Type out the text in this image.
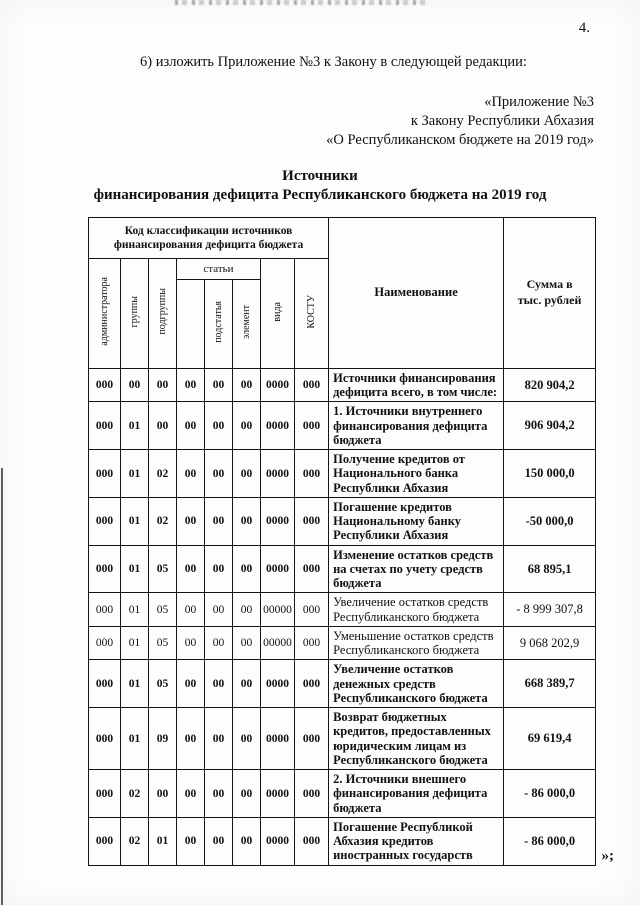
4.

6) изложить Приложение №3 к Закону в следующей редакции:

«Приложение №3
к Закону Республики Абхазия
«О Республиканском бюджете на 2019 год»
Источники
финансирования дефицита Республиканского бюджета на 2019 год
Код классификации источников финансирования дефицита бюджета								Наименование	Сумма в тыс. рублей
администратора	группы	подгруппы	статьи			вида	КОСТУ		
				подстатья	элемент				
000	00	00	00	00	00	0000	000	Источники финансирования дефицита всего, в том числе:	820 904,2
000	01	00	00	00	00	0000	000	1. Источники внутреннего финансирования дефицита бюджета	906 904,2
000	01	02	00	00	00	0000	000	Получение кредитов от Национального банка Республики Абхазия	150 000,0
000	01	02	00	00	00	0000	000	Погашение кредитов Национальному банку Республики Абхазия	-50 000,0
000	01	05	00	00	00	0000	000	Изменение остатков средств на счетах по учету средств бюджета	68 895,1
000	01	05	00	00	00	00000	000	Увеличение остатков средств Республиканского бюджета	- 8 999 307,8
000	01	05	00	00	00	00000	000	Уменьшение остатков средств Республиканского бюджета	9 068 202,9
000	01	05	00	00	00	0000	000	Увеличение остатков денежных средств Республиканского бюджета	668 389,7
000	01	09	00	00	00	0000	000	Возврат бюджетных кредитов, предоставленных юридическим лицам из Республиканского бюджета	69 619,4
000	02	00	00	00	00	0000	000	2. Источники внешнего финансирования дефицита бюджета	- 86 000,0
000	02	01	00	00	00	0000	000	Погашение Республикой Абхазия кредитов иностранных государств	- 86 000,0
»;
